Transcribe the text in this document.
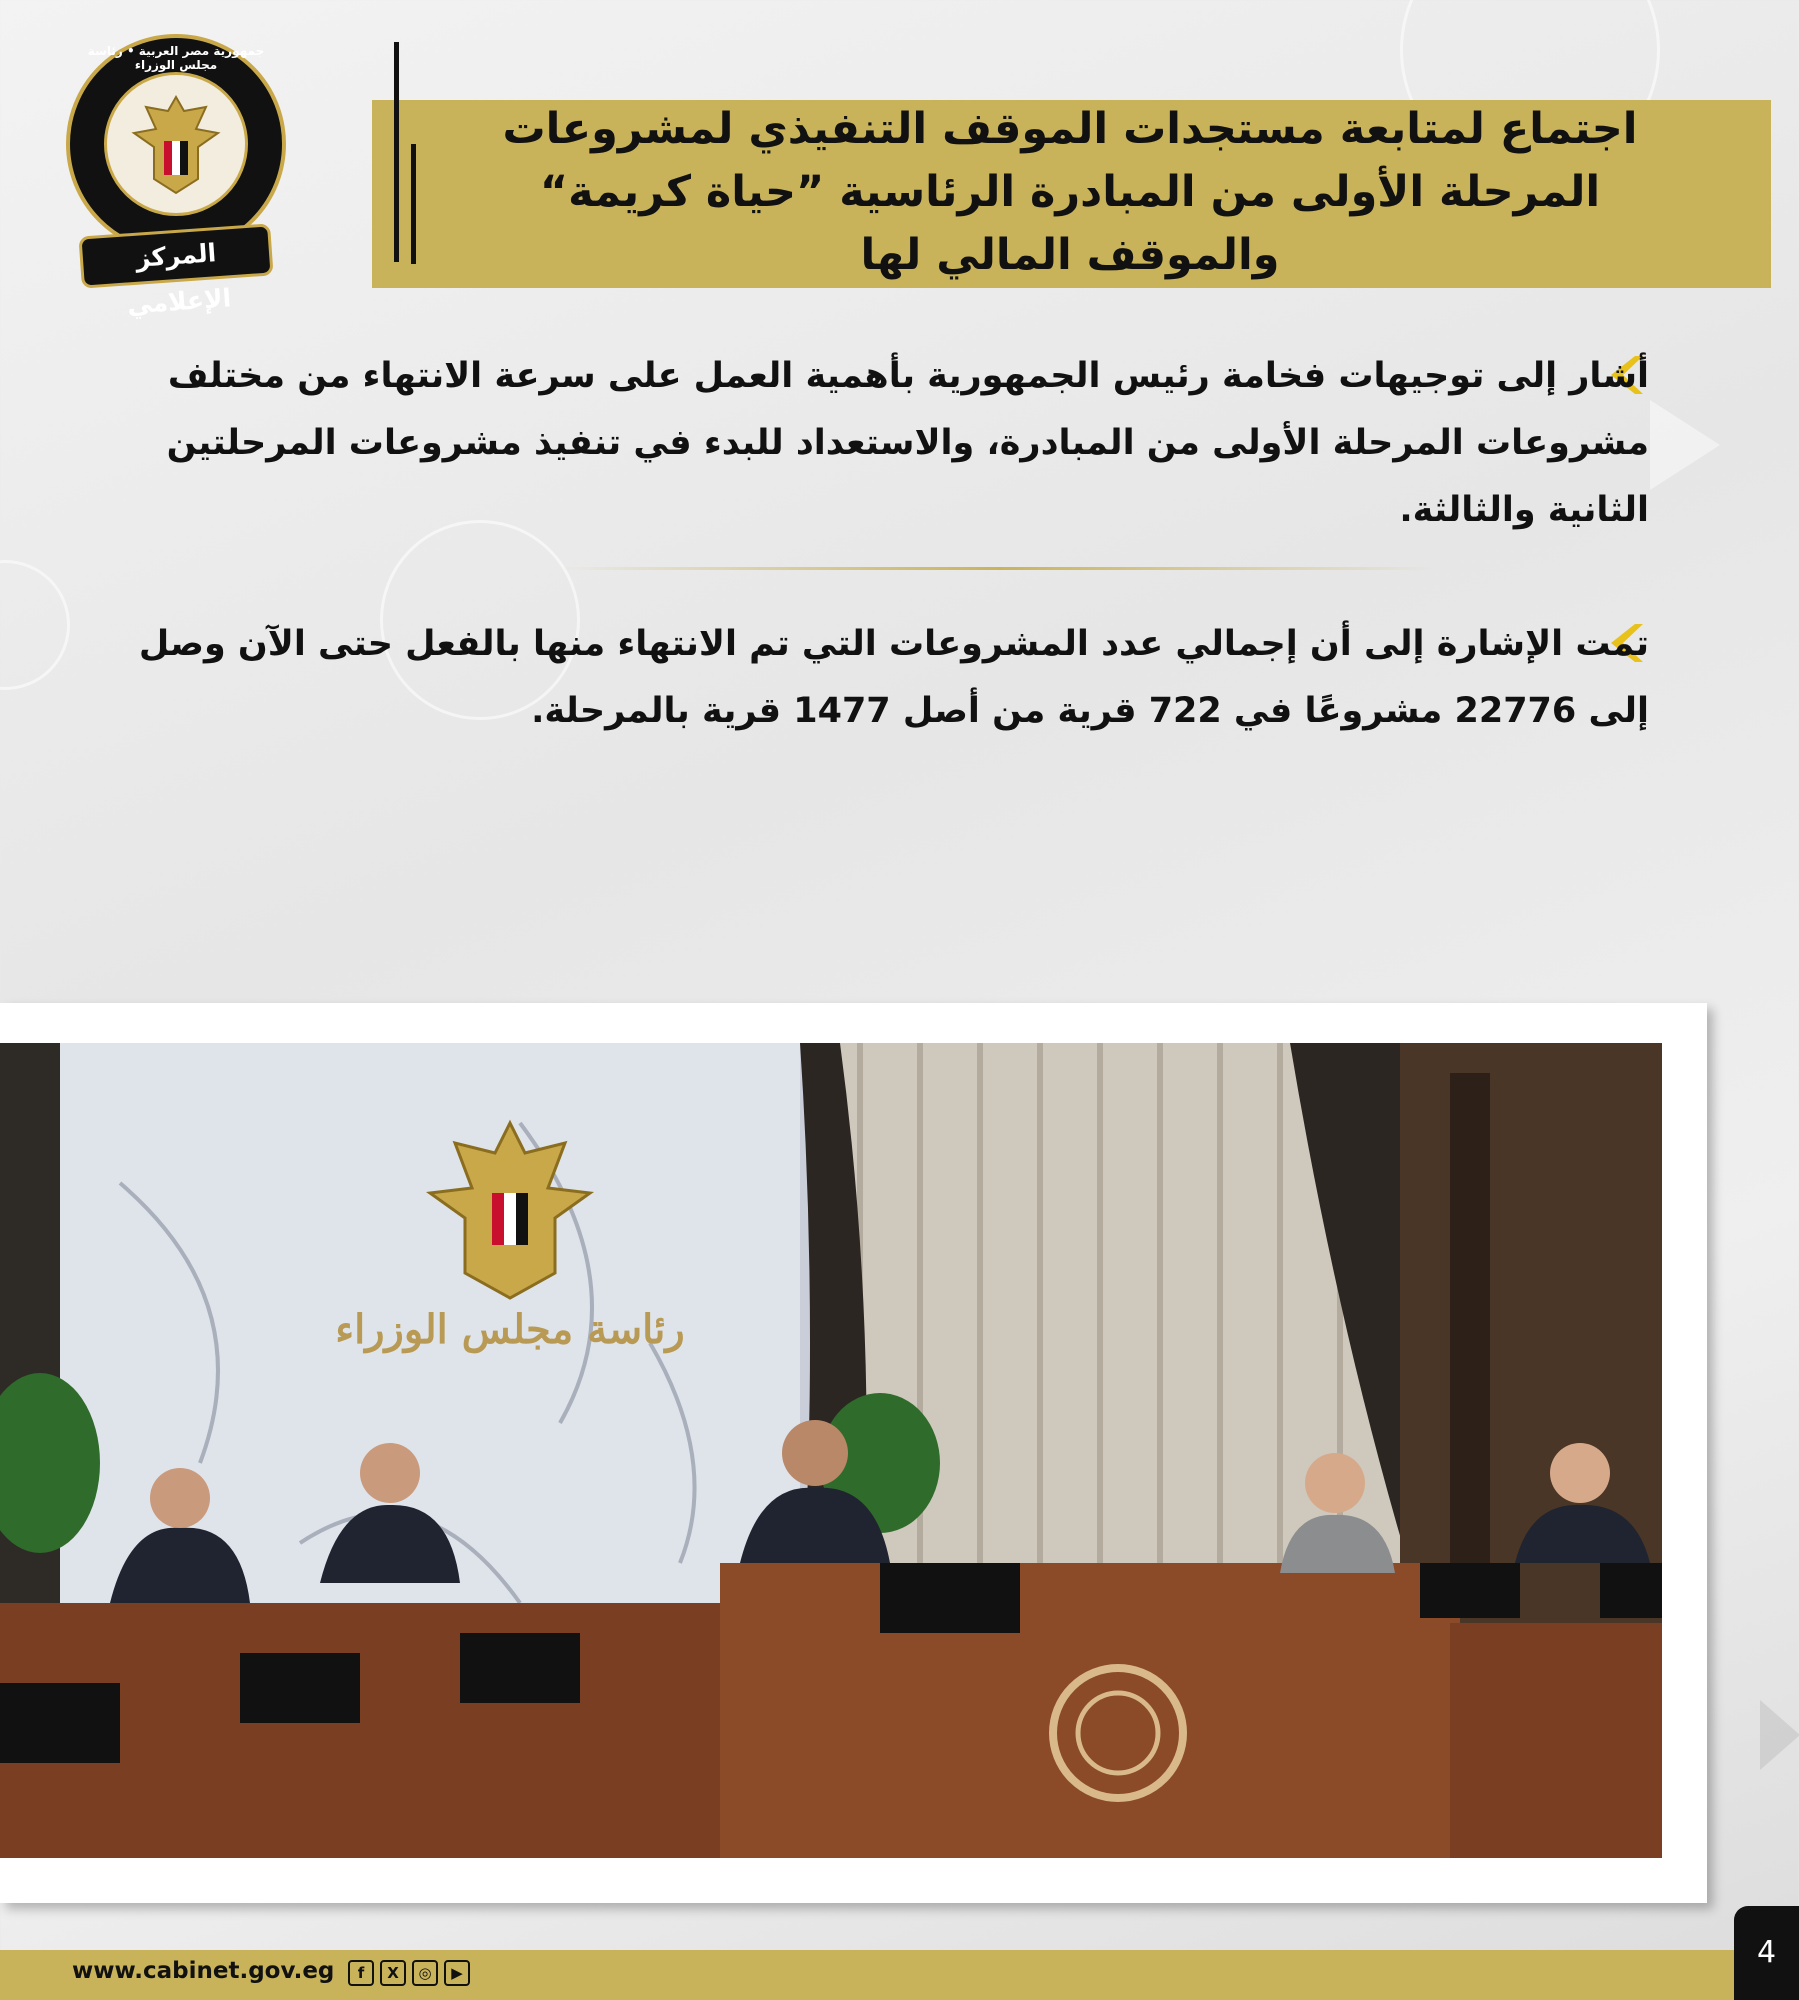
جمهورية مصر العربية • رئاسة مجلس الوزراء
المركز الإعلامي
اجتماع لمتابعة مستجدات الموقف التنفيذي لمشروعات المرحلة الأولى من المبادرة الرئاسية ”حياة كريمة“ والموقف المالي لها
أشار إلى توجيهات فخامة رئيس الجمهورية بأهمية العمل على سرعة الانتهاء من مختلف مشروعات المرحلة الأولى من المبادرة، والاستعداد للبدء في تنفيذ مشروعات المرحلتين الثانية والثالثة.
تمت الإشارة إلى أن إجمالي عدد المشروعات التي تم الانتهاء منها بالفعل حتى الآن وصل إلى 22776 مشروعًا في 722 قرية من أصل 1477 قرية بالمرحلة.
رئاسة مجلس الوزراء
www.cabinet.gov.eg	f	X	◎	▶
4
